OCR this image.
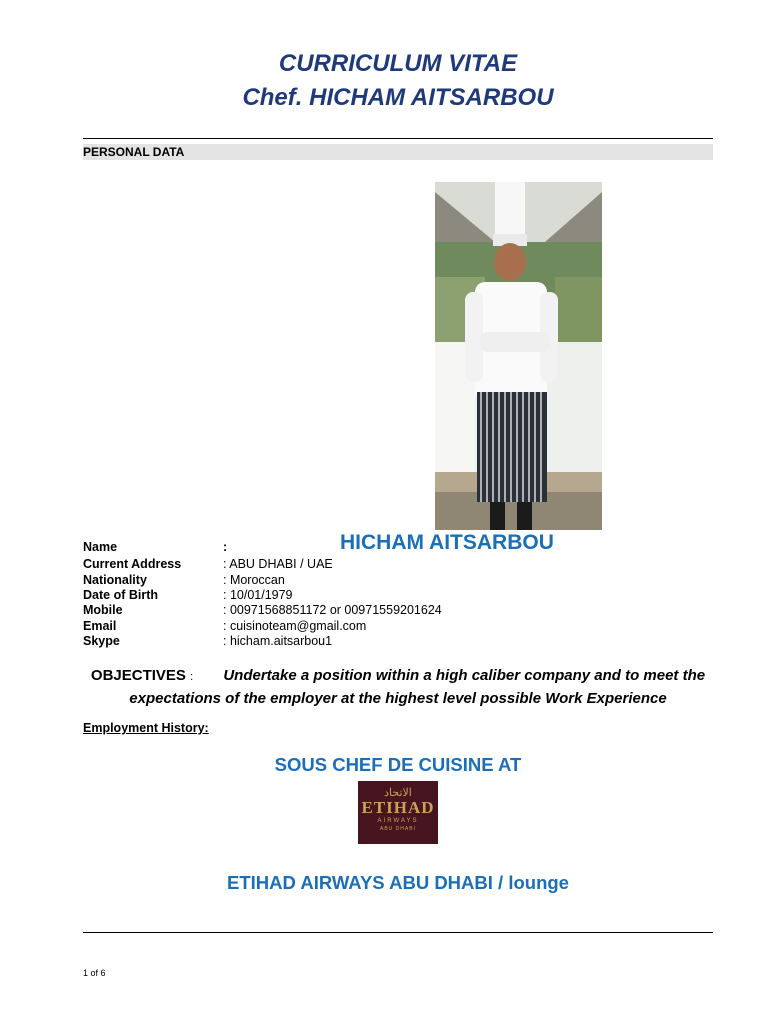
CURRICULUM VITAE
Chef. HICHAM AITSARBOU
PERSONAL DATA
Name	:	HICHAM AITSARBOU
Current Address	: ABU DHABI / UAE
Nationality	: Moroccan
Date of Birth	: 10/01/1979
Mobile	: 00971568851172 or 00971559201624
Email	: cuisinoteam@gmail.com
Skype	: hicham.aitsarbou1
OBJECTIVES : Undertake a position within a high caliber company and to meet the expectations of the employer at the highest level possible Work Experience
Employment History:
SOUS CHEF DE CUISINE AT
الاتحاد
ETIHAD
AIRWAYS
ABU DHABI
ETIHAD AIRWAYS ABU DHABI / lounge
1 of 6
